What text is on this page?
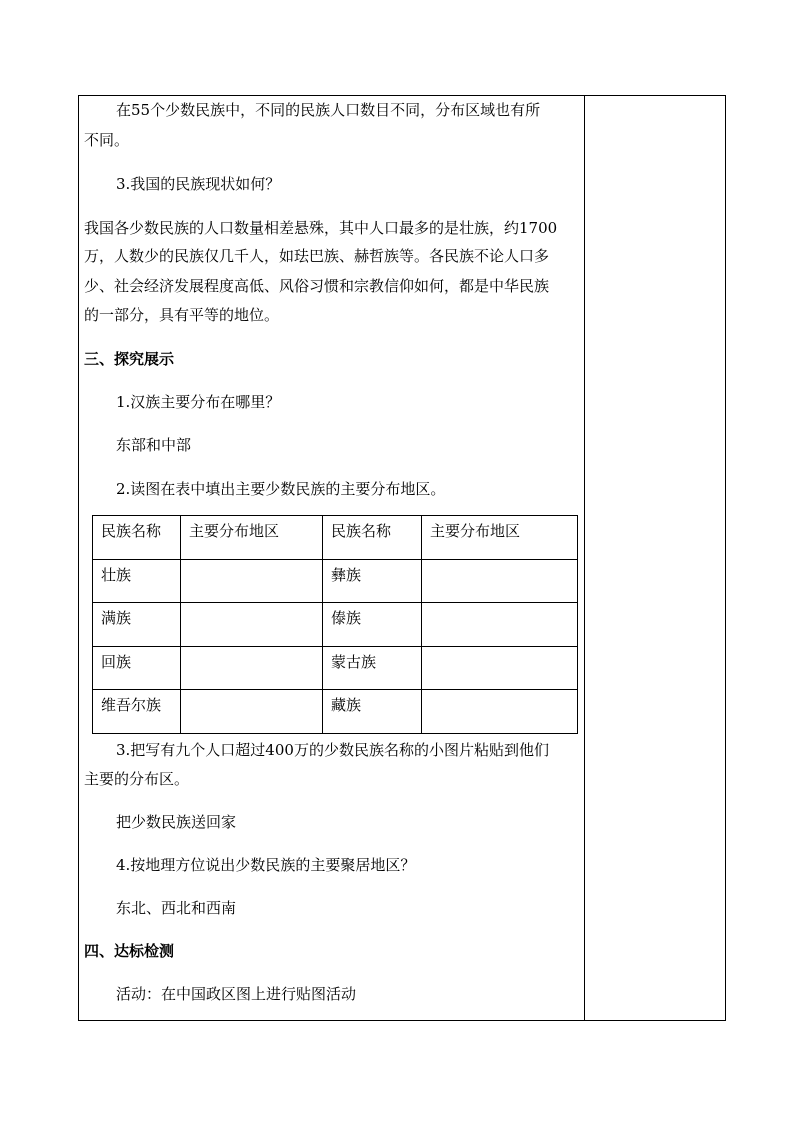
在55个少数民族中，不同的民族人口数目不同，分布区域也有所
不同。
3.我国的民族现状如何？
我国各少数民族的人口数量相差悬殊，其中人口最多的是壮族，约1700
万，人数少的民族仅几千人，如珐巴族、赫哲族等。各民族不论人口多
少、社会经济发展程度高低、风俗习惯和宗教信仰如何，都是中华民族
的一部分，具有平等的地位。
三、探究展示
1.汉族主要分布在哪里？
东部和中部
2.读图在表中填出主要少数民族的主要分布地区。
民族名称	主要分布地区	民族名称	主要分布地区
壮族		彝族	
满族		傣族	
回族		蒙古族	
维吾尔族		藏族	
3.把写有九个人口超过400万的少数民族名称的小图片粘贴到他们
主要的分布区。
把少数民族送回家
4.按地理方位说出少数民族的主要聚居地区？
东北、西北和西南
四、达标检测
活动：在中国政区图上进行贴图活动
